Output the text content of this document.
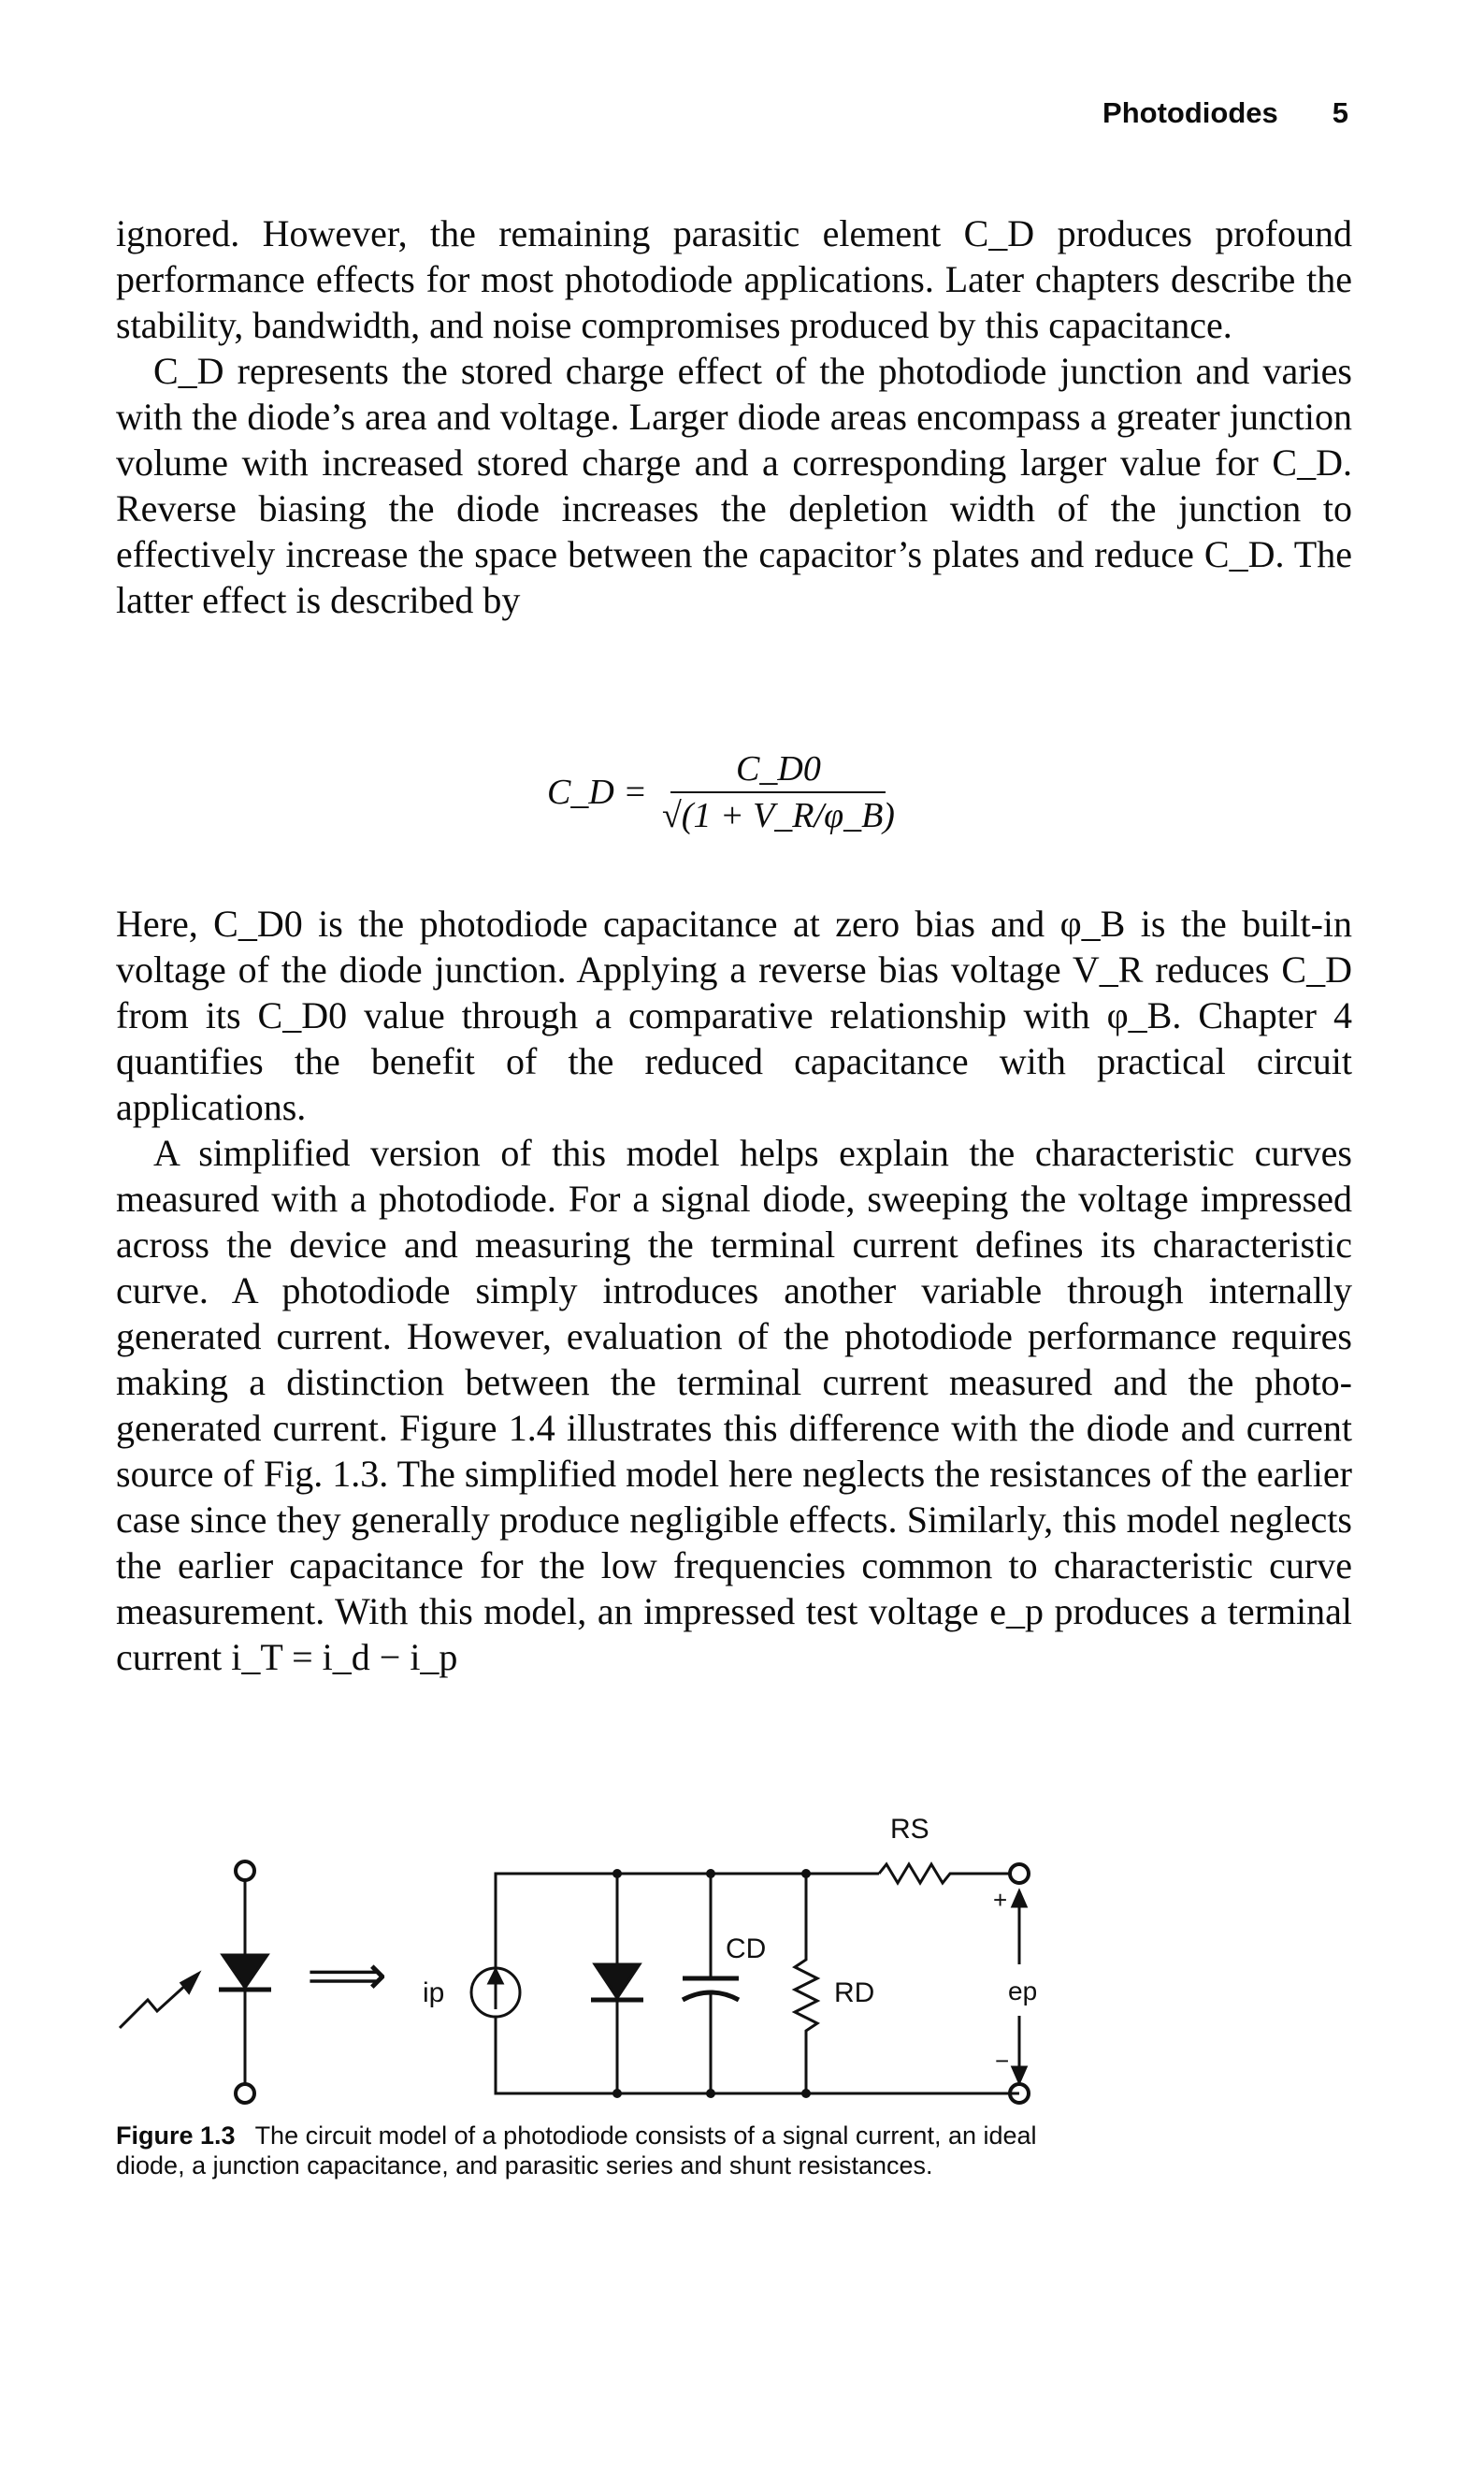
Photodiodes 5

ignored. However, the remaining parasitic element C_D produces profound performance effects for most photodiode applications. Later chapters describe the stability, bandwidth, and noise compromises produced by this capacitance.

C_D represents the stored charge effect of the photodiode junction and varies with the diode’s area and voltage. Larger diode areas encompass a greater junction volume with increased stored charge and a corresponding larger value for C_D. Reverse biasing the diode increases the depletion width of the junction to effectively increase the space between the capacitor’s plates and reduce C_D. The latter effect is described by

C_D = $\frac{C\_D0}{√(1 + V\_R/\varphi\_B)}$

Here, C_D0 is the photodiode capacitance at zero bias and φ_B is the built-in voltage of the diode junction. Applying a reverse bias voltage V_R reduces C_D from its C_D0 value through a comparative relationship with φ_B. Chapter 4 quantifies the benefit of the reduced capacitance with practical circuit applications.

A simplified version of this model helps explain the characteristic curves measured with a photodiode. For a signal diode, sweeping the voltage impressed across the device and measuring the terminal current defines its characteristic curve. A photodiode simply introduces another variable through internally generated current. However, evaluation of the photodiode performance requires making a distinction between the terminal current measured and the photo-generated current. Figure 1.4 illustrates this difference with the diode and current source of Fig. 1.3. The simplified model here neglects the resistances of the earlier case since they generally produce negligible effects. Similarly, this model neglects the earlier capacitance for the low frequencies common to characteristic curve measurement. With this model, an impressed test voltage e_p produces a terminal current i_T = i_d − i_p

⟹ ip
CD
RD
RS
+
−
ep
Figure 1.3 The circuit model of a photodiode consists of a signal current, an ideal diode, a junction capacitance, and parasitic series and shunt resistances.
